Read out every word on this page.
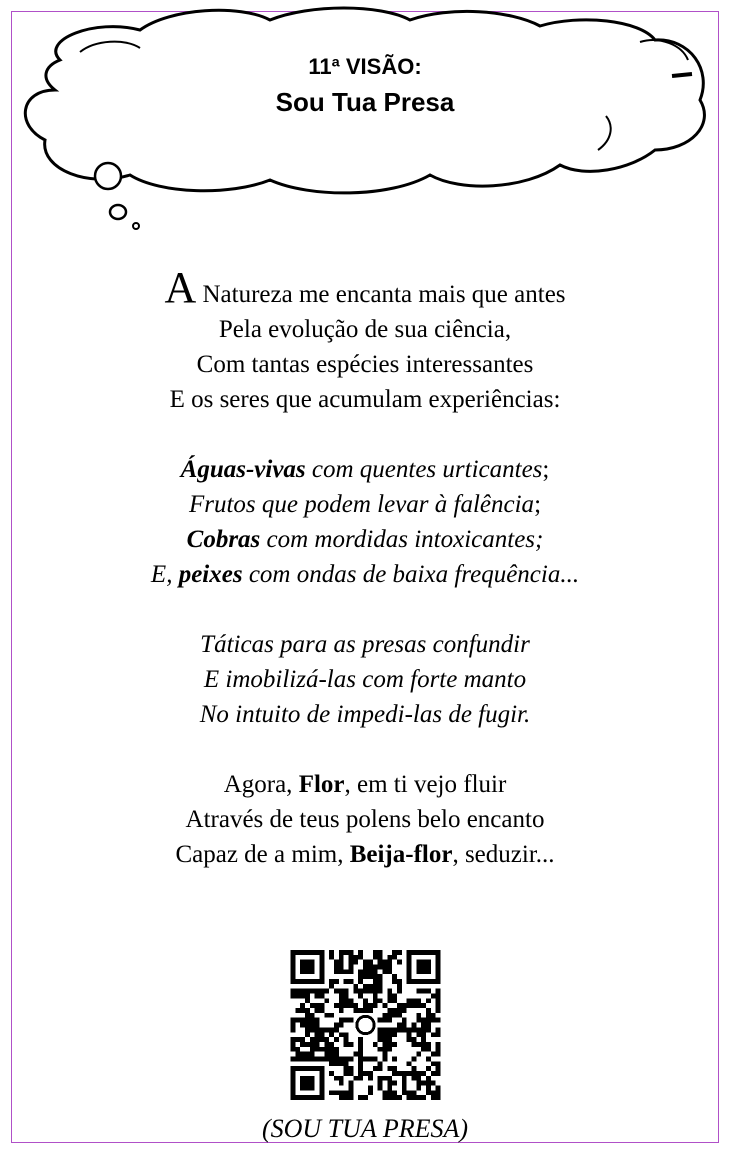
11ª VISÃO:
Sou Tua Presa
A Natureza me encanta mais que antes
Pela evolução de sua ciência,
Com tantas espécies interessantes
E os seres que acumulam experiências:
Águas-vivas com quentes urticantes;
Frutos que podem levar à falência;
Cobras com mordidas intoxicantes;
E, peixes com ondas de baixa frequência...
Táticas para as presas confundir
E imobilizá-las com forte manto
No intuito de impedi-las de fugir.
Agora, Flor, em ti vejo fluir
Através de teus polens belo encanto
Capaz de a mim, Beija-flor, seduzir...
(SOU TUA PRESA)
